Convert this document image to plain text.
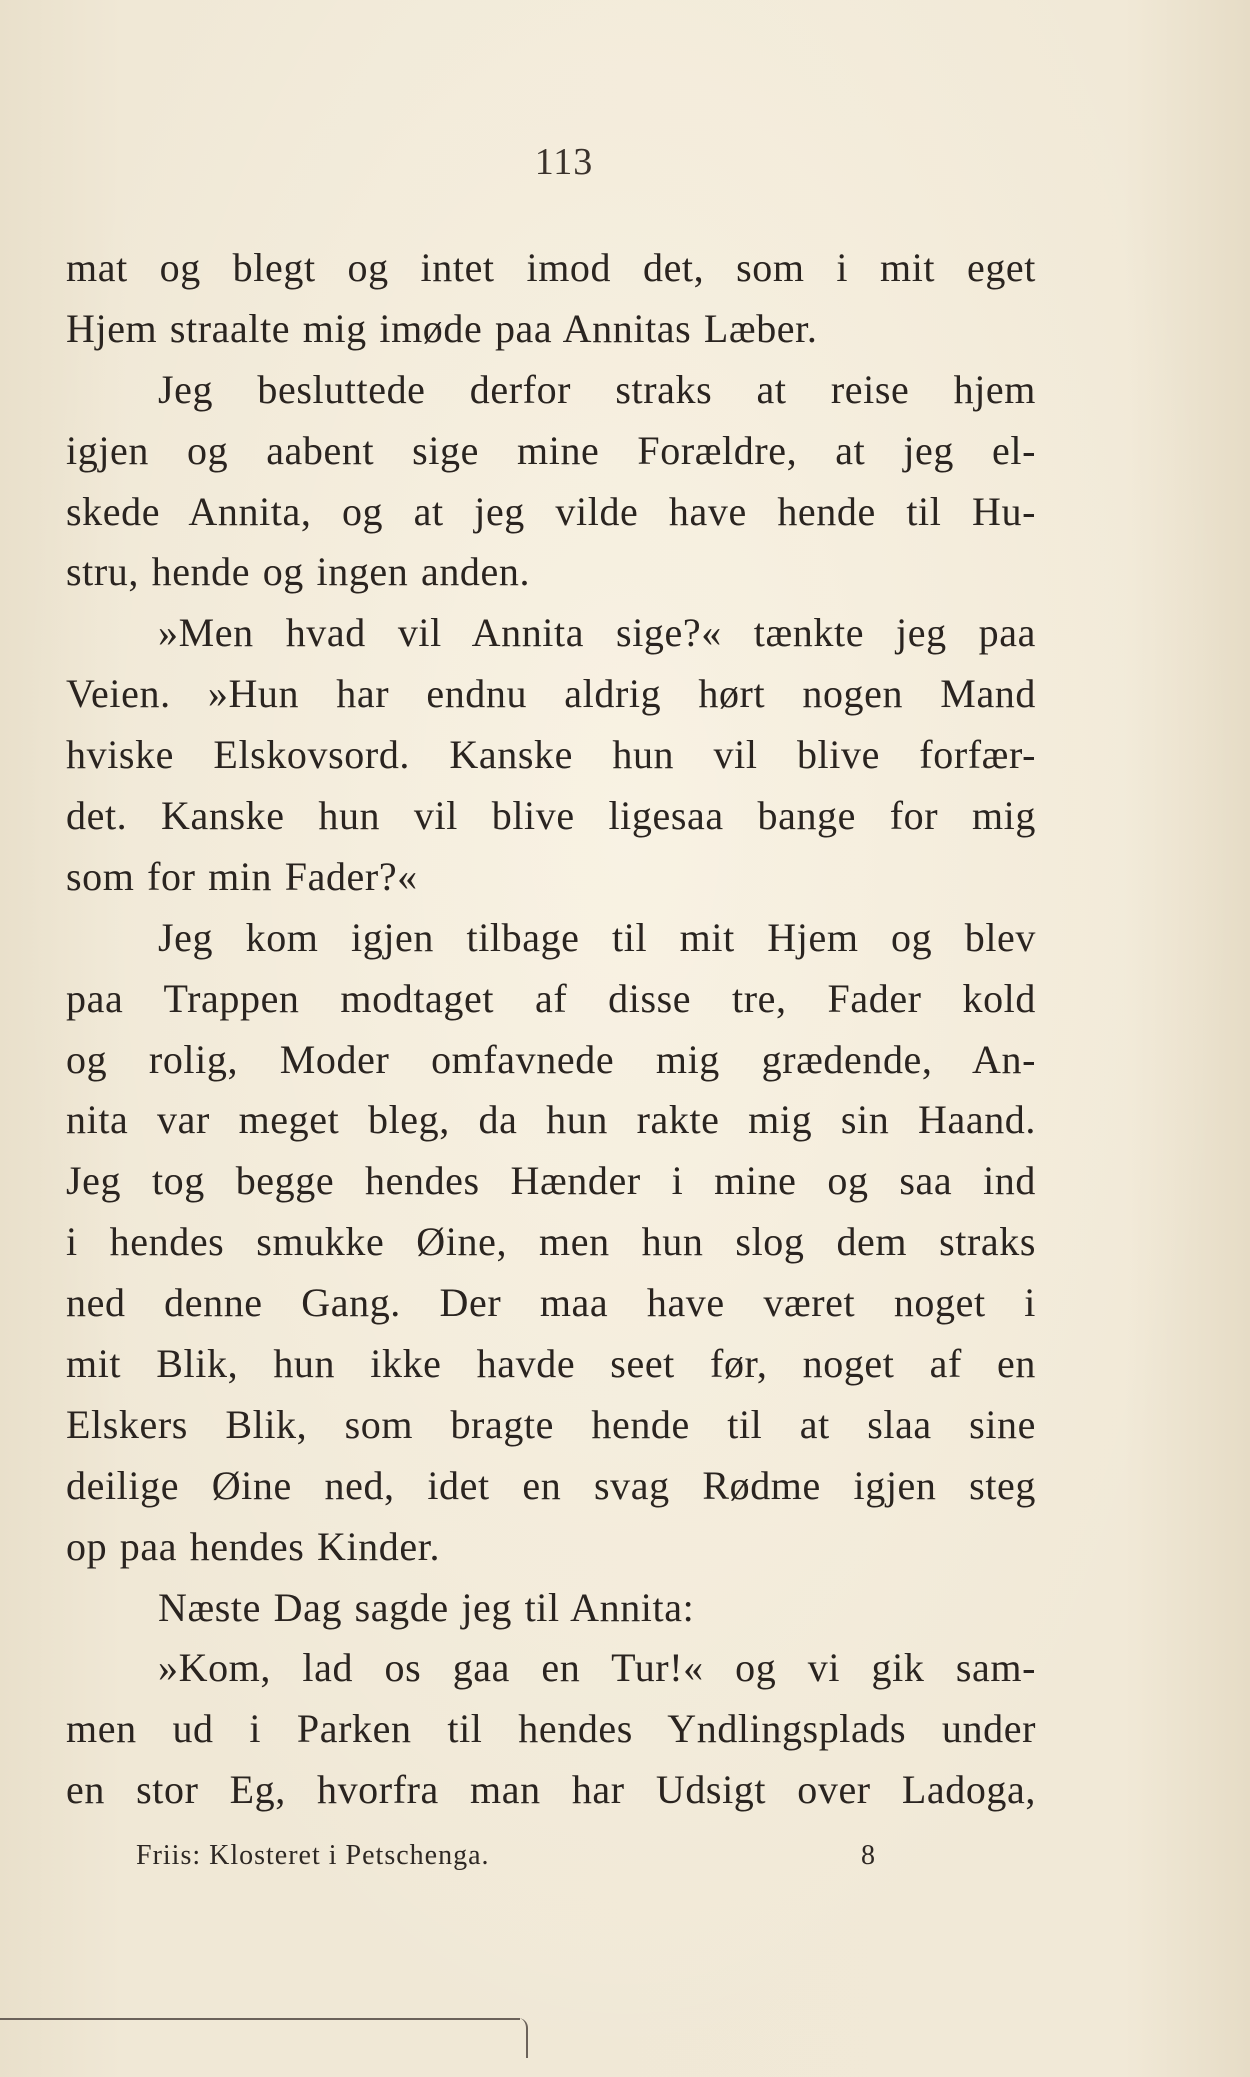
113
mat og blegt og intet imod det, som i mit eget
Hjem straalte mig imøde paa Annitas Læber.
Jeg besluttede derfor straks at reise hjem
igjen og aabent sige mine Forældre, at jeg el-
skede Annita, og at jeg vilde have hende til Hu-
stru, hende og ingen anden.
»Men hvad vil Annita sige?« tænkte jeg paa
Veien. »Hun har endnu aldrig hørt nogen Mand
hviske Elskovsord. Kanske hun vil blive forfær-
det. Kanske hun vil blive ligesaa bange for mig
som for min Fader?«
Jeg kom igjen tilbage til mit Hjem og blev
paa Trappen modtaget af disse tre, Fader kold
og rolig, Moder omfavnede mig grædende, An-
nita var meget bleg, da hun rakte mig sin Haand.
Jeg tog begge hendes Hænder i mine og saa ind
i hendes smukke Øine, men hun slog dem straks
ned denne Gang. Der maa have været noget i
mit Blik, hun ikke havde seet før, noget af en
Elskers Blik, som bragte hende til at slaa sine
deilige Øine ned, idet en svag Rødme igjen steg
op paa hendes Kinder.
Næste Dag sagde jeg til Annita:
»Kom, lad os gaa en Tur!« og vi gik sam-
men ud i Parken til hendes Yndlingsplads under
en stor Eg, hvorfra man har Udsigt over Ladoga,
Friis: Klosteret i Petschenga.	8
